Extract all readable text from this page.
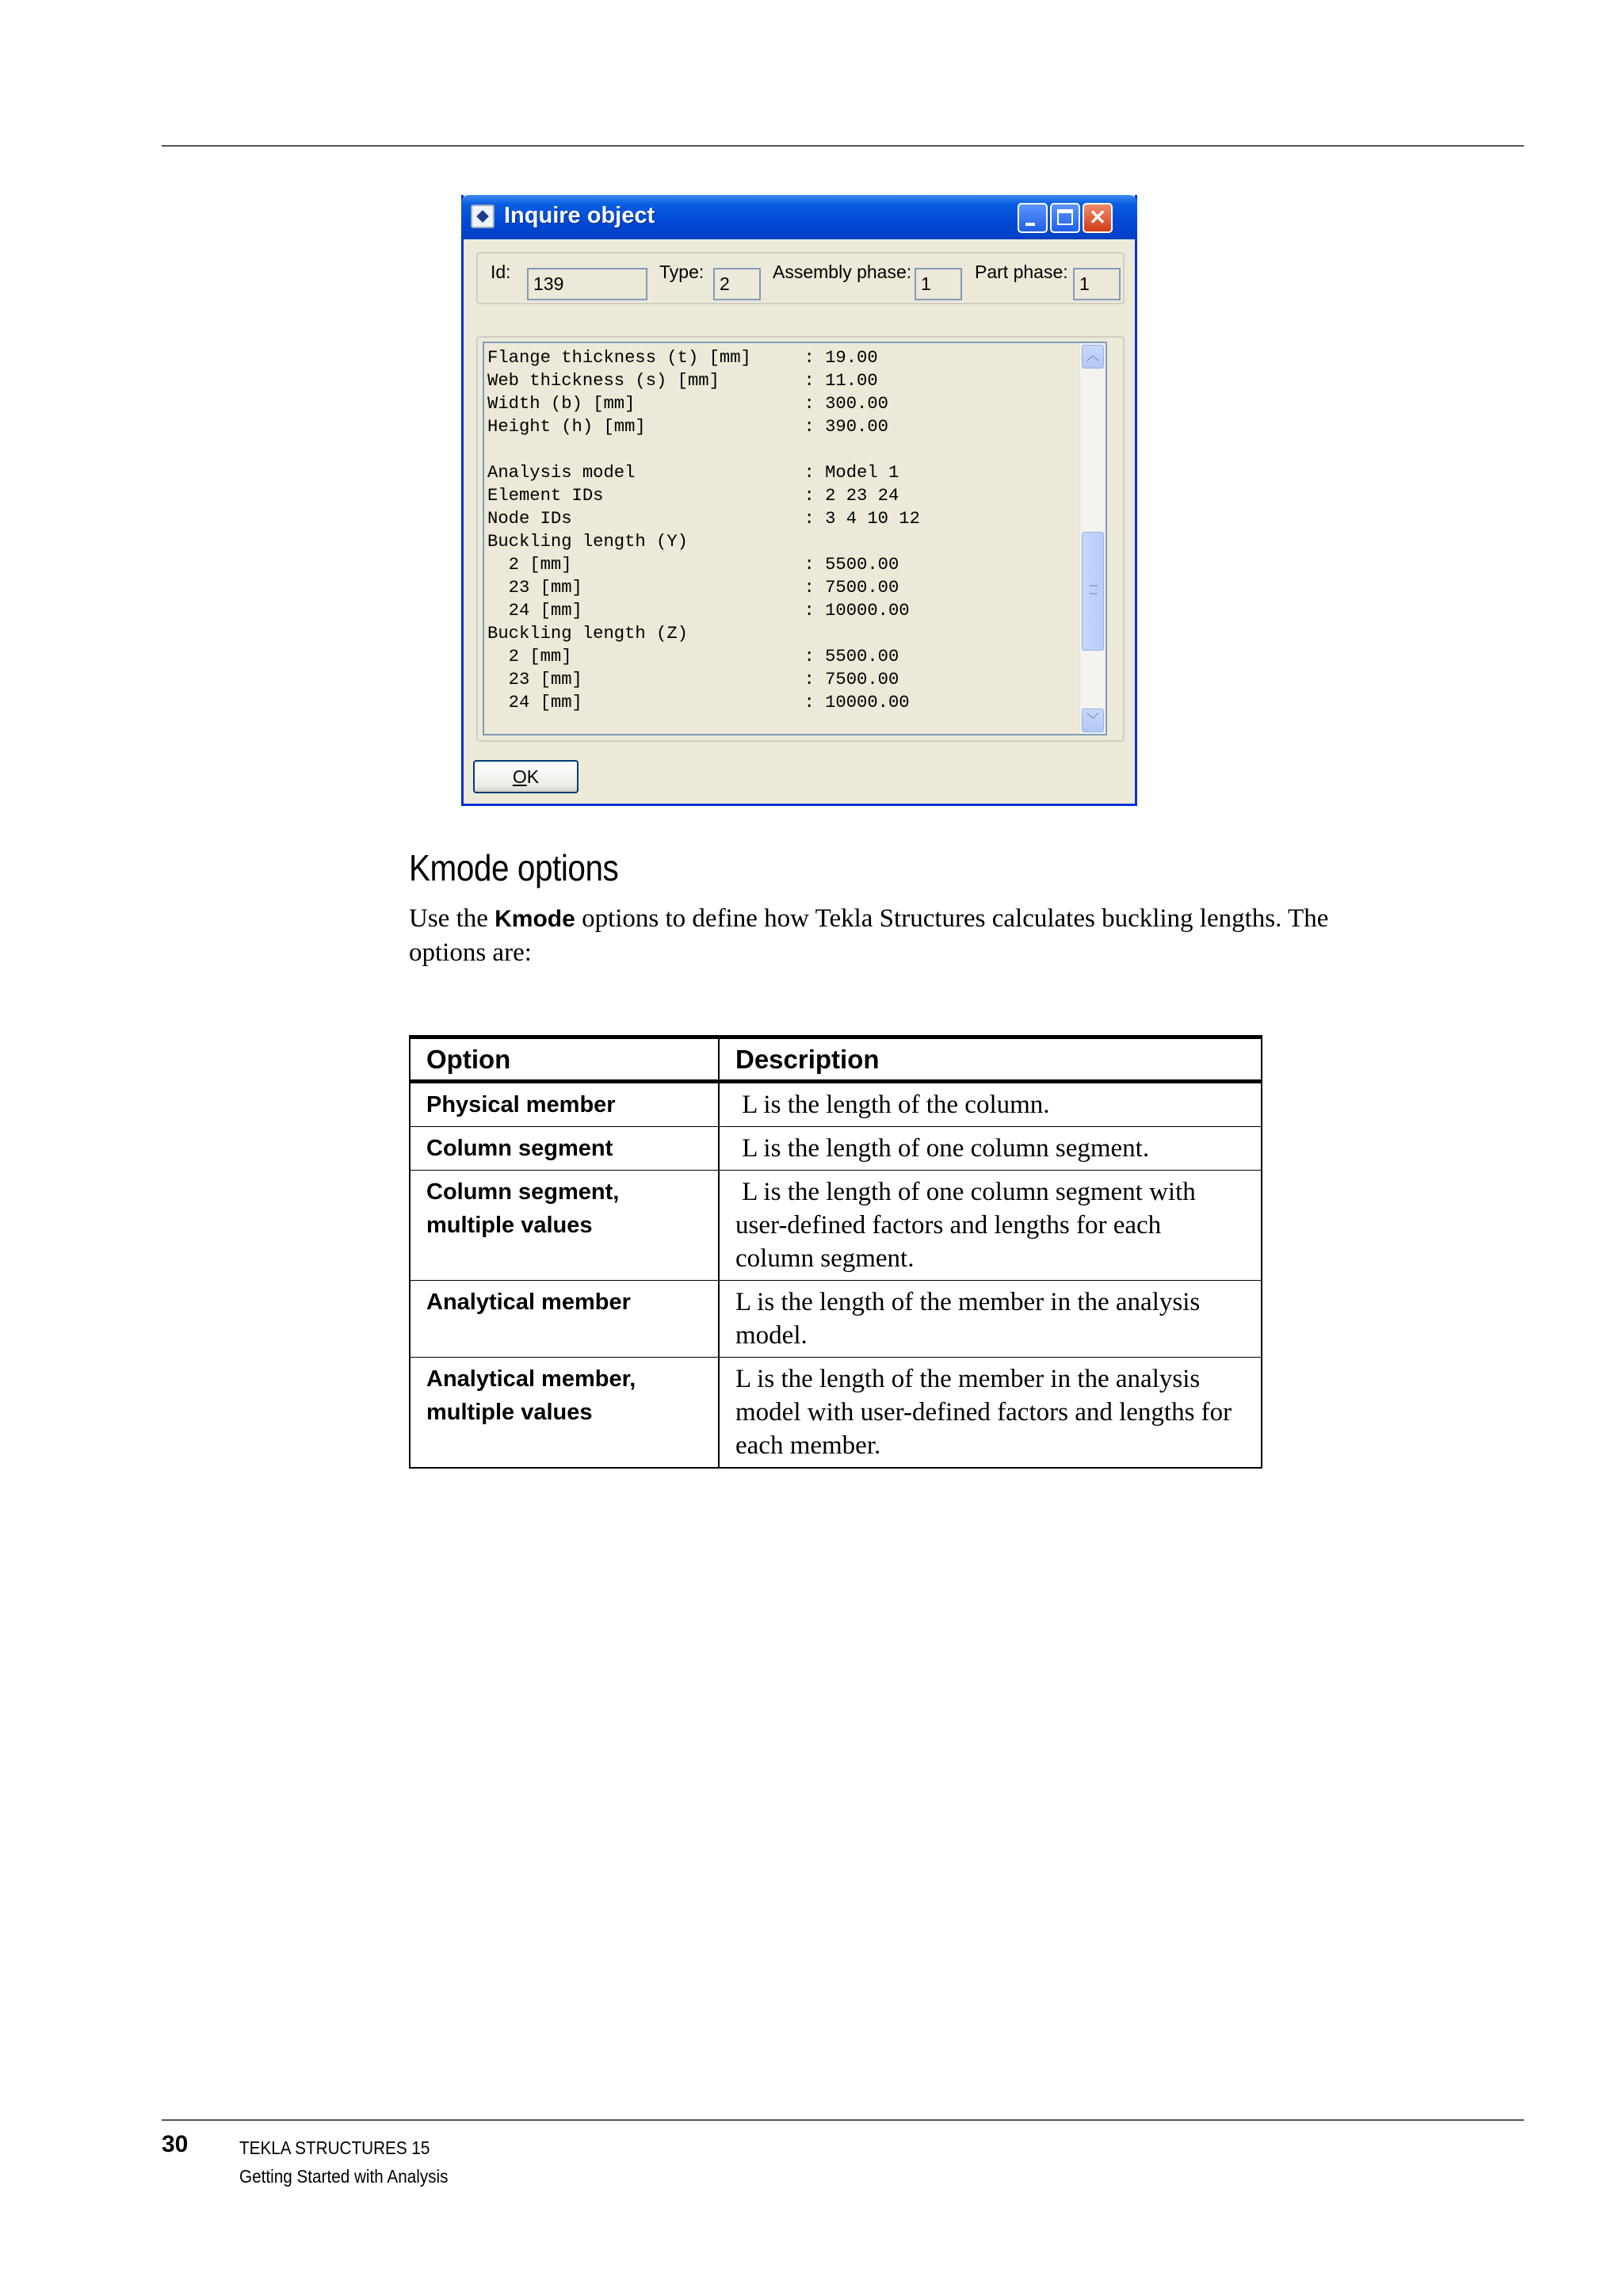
Inquire object	✕
Id:
139
Type:
2
Assembly phase:
1
Part phase:
1
Flange thickness (t) [mm]     : 19.00
Web thickness (s) [mm]        : 11.00
Width (b) [mm]                : 300.00
Height (h) [mm]               : 390.00

Analysis model                : Model 1
Element IDs                   : 2 23 24
Node IDs                      : 3 4 10 12
Buckling length (Y)
2 [mm]                      : 5500.00
23 [mm]                     : 7500.00
24 [mm]                     : 10000.00
Buckling length (Z)
2 [mm]                      : 5500.00
23 [mm]                     : 7500.00
24 [mm]                     : 10000.00
︿
﹀
OK
Kmode options

Use the Kmode options to define how Tekla Structures calculates buckling lengths. The options are:

Option	Description
Physical member	L is the length of the column.
Column segment	L is the length of one column segment.
Column segment, multiple values	L is the length of one column segment with user-defined factors and lengths for each column segment.
Analytical member	L is the length of the member in the analysis model.
Analytical member, multiple values	L is the length of the member in the analysis model with user-defined factors and lengths for each member.

30	TEKLA STRUCTURES 15

Getting Started with Analysis
